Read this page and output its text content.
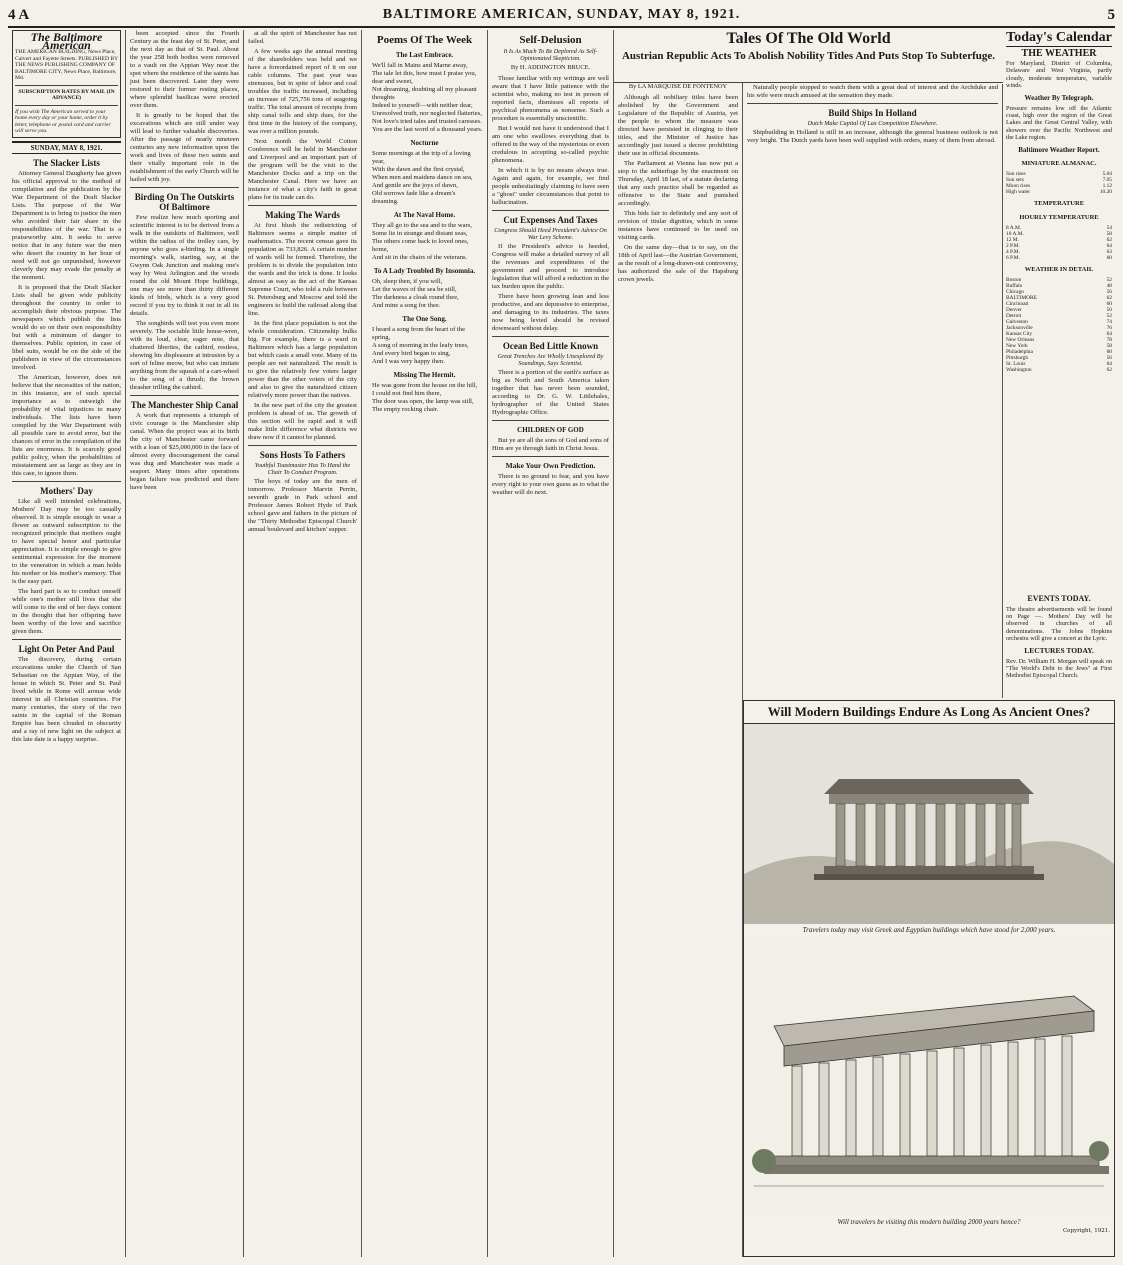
4 A	BALTIMORE AMERICAN, SUNDAY, MAY 8, 1921.	5
The Baltimore American
THE AMERICAN BUILDING, News Place, Calvert and Fayette Streets. PUBLISHED BY THE NEWS PUBLISHING COMPANY OF BALTIMORE CITY, News Place, Baltimore, Md.
SUBSCRIPTION RATES BY MAIL (IN ADVANCE)
If you wish The American served to your home every day or your home, order it by letter, telephone or postal card and carrier will serve you.
SUNDAY, MAY 8, 1921.
The Slacker Lists

Attorney General Daugherty has given his official approval to the method of compilation and the publication by the War Department of the Draft Slacker Lists. The purpose of the War Department is to bring to justice the men who avoided their fair share in the responsibilities of the war. That is a praiseworthy aim. It seeks to serve notice that in any future war the men who desert the country in her hour of need will not go unpunished, however cleverly they may evade the penalty at the moment.

It is proposed that the Draft Slacker Lists shall be given wide publicity throughout the country in order to accomplish their obvious purpose. The newspapers which publish the lists would do so on their own responsibility but with a minimum of danger to themselves. Public opinion, in case of libel suits, would be on the side of the publishers in view of the circumstances involved.

The American, however, does not believe that the necessities of the nation, in this instance, are of such special importance as to outweigh the probability of vital injustices to many individuals. The lists have been compiled by the War Department with all possible care to avoid error, but the chances of error in the compilation of the lists are enormous. It is scarcely good public policy, when the probabilities of misstatement are as large as they are in this case, to ignore them.

Mothers' Day

Like all well intended celebrations, Mothers' Day may be too casually observed. It is simple enough to wear a flower as outward subscription to the recognized principle that mothers ought to have special honor and particular appreciation. It is simple enough to give sentimental expression for the moment to the veneration in which a man holds his mother or his mother's memory. That is the easy part.

The hard part is so to conduct oneself while one's mother still lives that she will come to the end of her days content in the thought that her offspring have been worthy of the love and sacrifice given them.

Light On Peter And Paul

The discovery, during certain excavations under the Church of San Sebastian on the Appian Way, of the house in which St. Peter and St. Paul lived while in Rome will arouse wide interest in all Christian countries. For many centuries, the story of the two saints in the capital of the Roman Empire has been clouded in obscurity and a ray of new light on the subject at this late date is a happy surprise.

been accepted since the Fourth Century as the feast day of St. Peter, and the next day as that of St. Paul. About the year 258 both bodies were removed to a vault on the Appian Way near the spot where the residence of the saints has just been discovered. Later they were restored to their former resting places, where splendid basilicas were erected over them.

It is greatly to be hoped that the excavations which are still under way will lead to further valuable discoveries. After the passage of nearly nineteen centuries any new information upon the work and lives of these two saints and their vitally important role in the establishment of the early Church will be hailed with joy.

Birding On The Outskirts Of Baltimore

Few realize how much sporting and scientific interest is to be derived from a walk in the outskirts of Baltimore, well within the radius of the trolley cars, by anyone who goes a-birding. In a single morning's walk, starting, say, at the Gwynn Oak Junction and making one's way by West Arlington and the woods round the old Mount Hope buildings, one may see more than thirty different kinds of birds, which is a very good record if you try to think it out in all its details.

The songbirds will test you even more severely. The sociable little house-wren, with its loud, clear, eager note, that chattered liberties, the catbird, restless, showing his displeasure at intrusion by a sort of feline meow, but who can imitate anything from the squeak of a cart-wheel to the song of a thrush; the brown thrasher trilling the cathird.

The Manchester Ship Canal

A work that represents a triumph of civic courage is the Manchester ship canal. When the project was at its birth the city of Manchester came forward with a loan of $25,000,000 in the face of almost every discouragement the canal was dug and Manchester was made a seaport. Many times after operations began failure was predicted and there have been

at all the spirit of Manchester has not failed.

A few weeks ago the annual meeting of the shareholders was held and we have a foreordained report of it on our cable columns. The past year was strenuous, but in spite of labor and coal troubles the traffic increased, including an increase of 725,756 tons of seagoing traffic. The total amount of receipts from ship canal tolls and ship dues, for the first time in the history of the company, was over a million pounds.

Next month the World Cotton Conference will be held in Manchester and Liverpool and an important part of the program will be the visit to the Manchester Docks and a trip on the Manchester Canal. Here we have an instance of what a city's faith in great plans for its trade can do.

Making The Wards

At first blush the redistricting of Baltimore seems a simple matter of mathematics. The recent census gave its population as 733,826. A certain number of wards will be formed. Therefore, the problem is to divide the population into the wards and the trick is done. It looks almost as easy as the act of the Kansas Supreme Court, who told a rule between St. Petersburg and Moscow and told the engineers to build the railroad along that line.

In the first place population is not the whole consideration. Citizenship bulks big. For example, there is a ward in Baltimore which has a large population but which casts a small vote. Many of its people are not naturalized. The result is to give the relatively few voters larger power than the other voters of the city and also to give the naturalized citizen relatively more power than the natives.

In the new part of the city the greatest problem is ahead of us. The growth of this section will be rapid and it will make little difference what districts we draw now if it cannot be planned.

Sons Hosts To Fathers
Youthful Toastmaster Has To Hand the Chair To Conduct Program.

The boys of today are the men of tomorrow. Professor Marvin Perrin, seventh grade in Park school and Professor James Robert Hyde of Park school gave and fathers in the picture of the "Thirty Methodist Episcopal Church' annual boulevard and kitchen' supper.

Poems Of The Week
The Last Embrace.

We'll fall in Mains and Marne away,

The tale let this, how must I praise you, dear and sweet,

Not dreaming, doubting all my pleasant thoughts

Indeed to yourself—with neither dear,

Unresolved truth, nor neglected flatteries,

Not love's tried tales and trusted caresses.

You are the last word of a thousand years.

Nocturne

Some mornings at the trip of a loving year,

With the dawn and the first crystal,

When men and maidens dance on sea,

And gentle are the joys of dawn,

Old sorrows fade like a dream's dreaming.

At The Naval Home.

They all go to the sea and to the wars,

Some lie in strange and distant seas,

The others come back to loved ones, home,

And sit in the chairs of the veterans.

To A Lady Troubled By Insomnia.

Oh, sleep then, if you will,

Let the waves of the sea be still,

The darkness a cloak round thee,

And mine a song for thee.

The One Song.

I heard a song from the heart of the spring,

A song of morning in the leafy trees,

And every bird began to sing,

And I was very happy then.

Missing The Hermit.

He was gone from the house on the hill,

I could not find him there,

The door was open, the lamp was still,

The empty rocking chair.

Self-Delusion
It Is As Much To Be Deplored As Self-Opinionated Skepticism.
By H. ADDINGTON BRUCE.

Those familiar with my writings are well aware that I have little patience with the scientist who, making no test in person of reported facts, dismisses all reports of psychical phenomena as nonsense. Such a procedure is essentially unscientific.

But I would not have it understood that I am one who swallows everything that is offered in the way of the mysterious or even credulous in accepting so-called psychic phenomena.

In which it is by no means always true. Again and again, for example, we find people unhesitatingly claiming to have seen a "ghost" under circumstances that point to hallucination.

Cut Expenses And Taxes
Congress Should Heed President's Advice On War Levy Scheme.

If the President's advice is heeded, Congress will make a detailed survey of all the revenues and expenditures of the government and proceed to introduce legislation that will afford a reduction in the tax burden upon the public.

There have been growing lean and less productive, and are depressive to enterprise, and damaging to its industries. The taxes now being levied should be revised downward without delay.

Ocean Bed Little Known
Great Trenches Are Wholly Unexplored By Soundings, Says Scientist.

There is a portion of the earth's surface as big as North and South America taken together that has never been sounded, according to Dr. G. W. Littlehales, hydrographer of the United States Hydrographic Office.

CHILDREN OF GOD

But ye are all the sons of God and sons of Him are ye through faith in Christ Jesus.

Make Your Own Prediction.

There is no ground to fear, and you have every right to your own guess as to what the weather will do next.

By LA MARQUISE DE FONTENOY

Although all nobiliary titles have been abolished by the Government and Legislature of the Republic of Austria, yet the people to whom the measure was directed have persisted in clinging to their titles, and the Minister of Justice has accordingly just issued a decree prohibiting their use in official documents.

The Parliament at Vienna has now put a stop to the subterfuge by the enactment on Thursday, April 18 last, of a statute declaring that any such practice shall be regarded as offensive to the State and punished accordingly.

This bids fair to definitely end any sort of revision of titular dignities, which in some instances have continued to be used on visiting cards.

On the same day—that is to say, on the 18th of April last—the Austrian Government, as the result of a long-drawn-out controversy, has authorized the sale of the Hapsburg crown jewels.

Tales Of The Old World
Austrian Republic Acts To Abolish Nobility Titles And Puts Stop To Subterfuge.

Naturally people stopped to watch them with a great deal of interest and the Archduke and his wife were much amused at the sensation they made.

Build Ships In Holland
Dutch Make Capital Of Lax Competition Elsewhere.

Shipbuilding in Holland is still in an increase, although the general business outlook is not very bright. The Dutch yards have been well supplied with orders, many of them from abroad.

Today's Calendar
THE WEATHER
For Maryland, District of Columbia, Delaware and West Virginia, partly cloudy, moderate temperature, variable winds.
Weather By Telegraph.
Pressure remains low off the Atlantic coast, high over the region of the Great Lakes and the Great Central Valley, with showers over the Pacific Northwest and the Lake region.
Baltimore Weather Report.
MINIATURE ALMANAC.
Sun rises	5.04
Sun sets	7.05
Moon rises	1.12
High water	10.20
TEMPERATURE
HOURLY TEMPERATURE
8 A.M.	54
10 A.M.	58
12 M.	62
2 P.M.	64
4 P.M.	63
6 P.M.	60
WEATHER IN DETAIL
Boston	52
Buffalo	48
Chicago	56
BALTIMORE	62
Cincinnati	60
Denver	50
Detroit	52
Galveston	74
Jacksonville	76
Kansas City	64
New Orleans	78
New York	58
Philadelphia	60
Pittsburgh	56
St. Louis	64
Washington	62
EVENTS TODAY.
The theatre advertisements will be found on Page —. Mothers' Day will be observed in churches of all denominations. The Johns Hopkins orchestra will give a concert at the Lyric.
LECTURES TODAY.
Rev. Dr. William H. Morgan will speak on "The World's Debt to the Jews" at First Methodist Episcopal Church.
Will Modern Buildings Endure As Long As Ancient Ones?
Travelers today may visit Greek and Egyptian buildings which have stood for 2,000 years.
Will travelers be visiting this modern building 2000 years hence?
Copyright, 1921.
